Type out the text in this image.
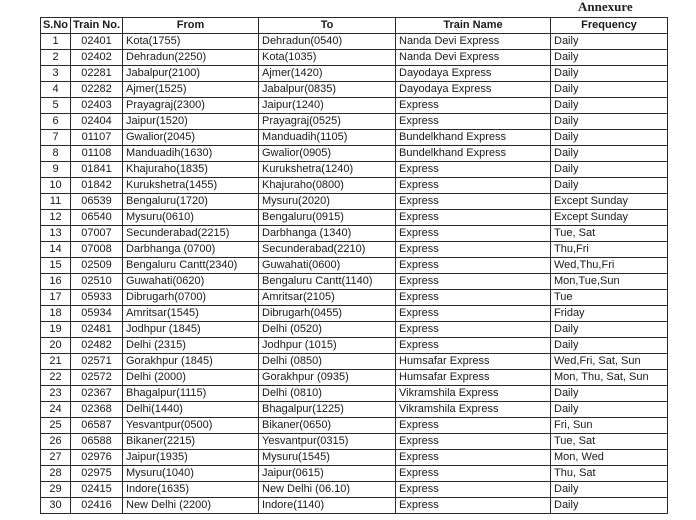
Annexure
S.No	Train No.	From	To	Train Name	Frequency
1	02401	Kota(1755)	Dehradun(0540)	Nanda Devi Express	Daily
2	02402	Dehradun(2250)	Kota(1035)	Nanda Devi Express	Daily
3	02281	Jabalpur(2100)	Ajmer(1420)	Dayodaya Express	Daily
4	02282	Ajmer(1525)	Jabalpur(0835)	Dayodaya Express	Daily
5	02403	Prayagraj(2300)	Jaipur(1240)	Express	Daily
6	02404	Jaipur(1520)	Prayagraj(0525)	Express	Daily
7	01107	Gwalior(2045)	Manduadih(1105)	Bundelkhand Express	Daily
8	01108	Manduadih(1630)	Gwalior(0905)	Bundelkhand Express	Daily
9	01841	Khajuraho(1835)	Kurukshetra(1240)	Express	Daily
10	01842	Kurukshetra(1455)	Khajuraho(0800)	Express	Daily
11	06539	Bengaluru(1720)	Mysuru(2020)	Express	Except Sunday
12	06540	Mysuru(0610)	Bengaluru(0915)	Express	Except Sunday
13	07007	Secunderabad(2215)	Darbhanga (1340)	Express	Tue, Sat
14	07008	Darbhanga (0700)	Secunderabad(2210)	Express	Thu,Fri
15	02509	Bengaluru Cantt(2340)	Guwahati(0600)	Express	Wed,Thu,Fri
16	02510	Guwahati(0620)	Bengaluru Cantt(1140)	Express	Mon,Tue,Sun
17	05933	Dibrugarh(0700)	Amritsar(2105)	Express	Tue
18	05934	Amritsar(1545)	Dibrugarh(0455)	Express	Friday
19	02481	Jodhpur (1845)	Delhi (0520)	Express	Daily
20	02482	Delhi (2315)	Jodhpur (1015)	Express	Daily
21	02571	Gorakhpur (1845)	Delhi (0850)	Humsafar Express	Wed,Fri, Sat, Sun
22	02572	Delhi (2000)	Gorakhpur (0935)	Humsafar Express	Mon, Thu, Sat, Sun
23	02367	Bhagalpur(1115)	Delhi (0810)	Vikramshila Express	Daily
24	02368	Delhi(1440)	Bhagalpur(1225)	Vikramshila Express	Daily
25	06587	Yesvantpur(0500)	Bikaner(0650)	Express	Fri, Sun
26	06588	Bikaner(2215)	Yesvantpur(0315)	Express	Tue, Sat
27	02976	Jaipur(1935)	Mysuru(1545)	Express	Mon, Wed
28	02975	Mysuru(1040)	Jaipur(0615)	Express	Thu, Sat
29	02415	Indore(1635)	New Delhi (06.10)	Express	Daily
30	02416	New Delhi (2200)	Indore(1140)	Express	Daily
